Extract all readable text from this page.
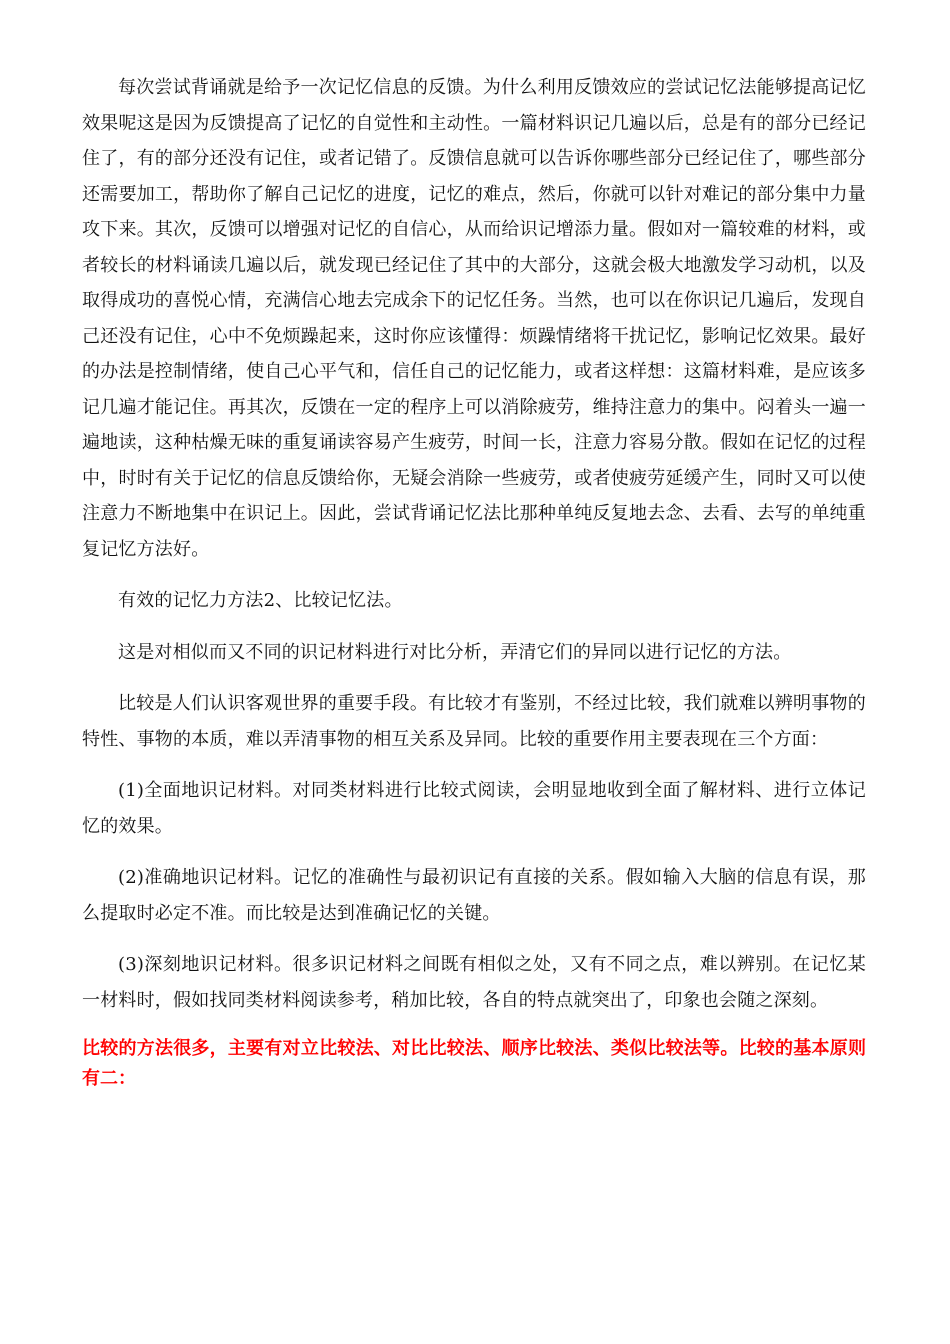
每次尝试背诵就是给予一次记忆信息的反馈。为什么利用反馈效应的尝试记忆法能够提高记忆效果呢这是因为反馈提高了记忆的自觉性和主动性。一篇材料识记几遍以后，总是有的部分已经记住了，有的部分还没有记住，或者记错了。反馈信息就可以告诉你哪些部分已经记住了，哪些部分还需要加工，帮助你了解自己记忆的进度，记忆的难点，然后，你就可以针对难记的部分集中力量攻下来。其次，反馈可以增强对记忆的自信心，从而给识记增添力量。假如对一篇较难的材料，或者较长的材料诵读几遍以后，就发现已经记住了其中的大部分，这就会极大地激发学习动机，以及取得成功的喜悦心情，充满信心地去完成余下的记忆任务。当然，也可以在你识记几遍后，发现自己还没有记住，心中不免烦躁起来，这时你应该懂得：烦躁情绪将干扰记忆，影响记忆效果。最好的办法是控制情绪，使自己心平气和，信任自己的记忆能力，或者这样想：这篇材料难，是应该多记几遍才能记住。再其次，反馈在一定的程序上可以消除疲劳，维持注意力的集中。闷着头一遍一遍地读，这种枯燥无味的重复诵读容易产生疲劳，时间一长，注意力容易分散。假如在记忆的过程中，时时有关于记忆的信息反馈给你，无疑会消除一些疲劳，或者使疲劳延缓产生，同时又可以使注意力不断地集中在识记上。因此，尝试背诵记忆法比那种单纯反复地去念、去看、去写的单纯重复记忆方法好。

有效的记忆力方法2、比较记忆法。

这是对相似而又不同的识记材料进行对比分析，弄清它们的异同以进行记忆的方法。

比较是人们认识客观世界的重要手段。有比较才有鉴别，不经过比较，我们就难以辨明事物的特性、事物的本质，难以弄清事物的相互关系及异同。比较的重要作用主要表现在三个方面：

(1)全面地识记材料。对同类材料进行比较式阅读，会明显地收到全面了解材料、进行立体记忆的效果。

(2)准确地识记材料。记忆的准确性与最初识记有直接的关系。假如输入大脑的信息有误，那么提取时必定不准。而比较是达到准确记忆的关键。

(3)深刻地识记材料。很多识记材料之间既有相似之处，又有不同之点，难以辨别。在记忆某一材料时，假如找同类材料阅读参考，稍加比较，各自的特点就突出了，印象也会随之深刻。

比较的方法很多，主要有对立比较法、对比比较法、顺序比较法、类似比较法等。比较的基本原则有二：
